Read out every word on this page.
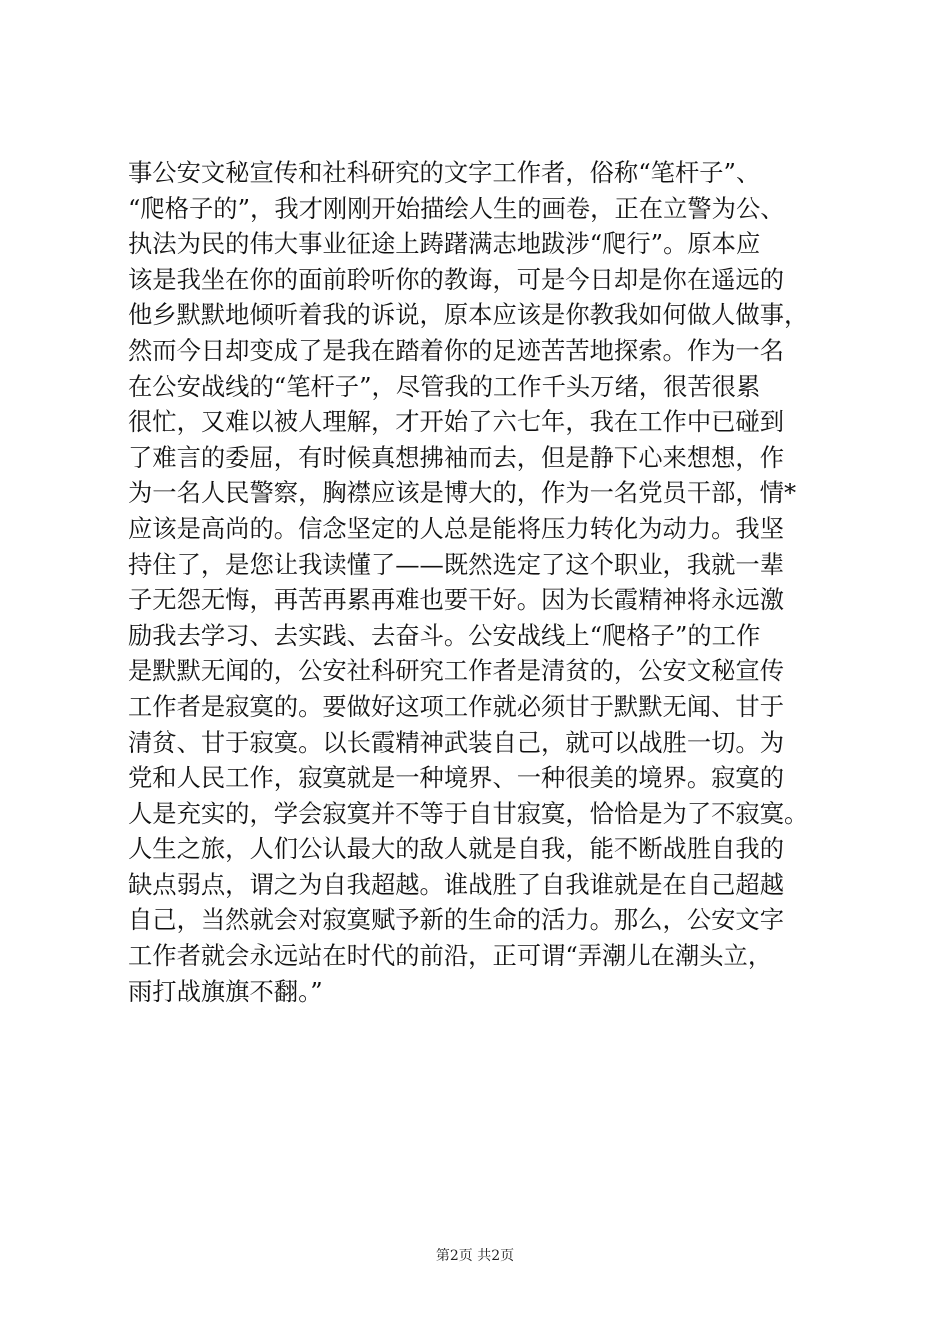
事公安文秘宣传和社科研究的文字工作者，俗称“笔杆子”、
“爬格子的”，我才刚刚开始描绘人生的画卷，正在立警为公、
执法为民的伟大事业征途上踌躇满志地跋涉“爬行”。原本应
该是我坐在你的面前聆听你的教诲，可是今日却是你在遥远的
他乡默默地倾听着我的诉说，原本应该是你教我如何做人做事，
然而今日却变成了是我在踏着你的足迹苦苦地探索。作为一名
在公安战线的“笔杆子”，尽管我的工作千头万绪，很苦很累
很忙，又难以被人理解，才开始了六七年，我在工作中已碰到
了难言的委屈，有时候真想拂袖而去，但是静下心来想想，作
为一名人民警察，胸襟应该是博大的，作为一名党员干部，情*
应该是高尚的。信念坚定的人总是能将压力转化为动力。我坚
持住了，是您让我读懂了——既然选定了这个职业，我就一辈
子无怨无悔，再苦再累再难也要干好。因为长霞精神将永远激
励我去学习、去实践、去奋斗。公安战线上“爬格子”的工作
是默默无闻的，公安社科研究工作者是清贫的，公安文秘宣传
工作者是寂寞的。要做好这项工作就必须甘于默默无闻、甘于
清贫、甘于寂寞。以长霞精神武装自己，就可以战胜一切。为
党和人民工作，寂寞就是一种境界、一种很美的境界。寂寞的
人是充实的，学会寂寞并不等于自甘寂寞，恰恰是为了不寂寞。
人生之旅，人们公认最大的敌人就是自我，能不断战胜自我的
缺点弱点，谓之为自我超越。谁战胜了自我谁就是在自己超越
自己，当然就会对寂寞赋予新的生命的活力。那么，公安文字
工作者就会永远站在时代的前沿，正可谓“弄潮儿在潮头立，
雨打战旗旗不翻。”
第2页 共2页
